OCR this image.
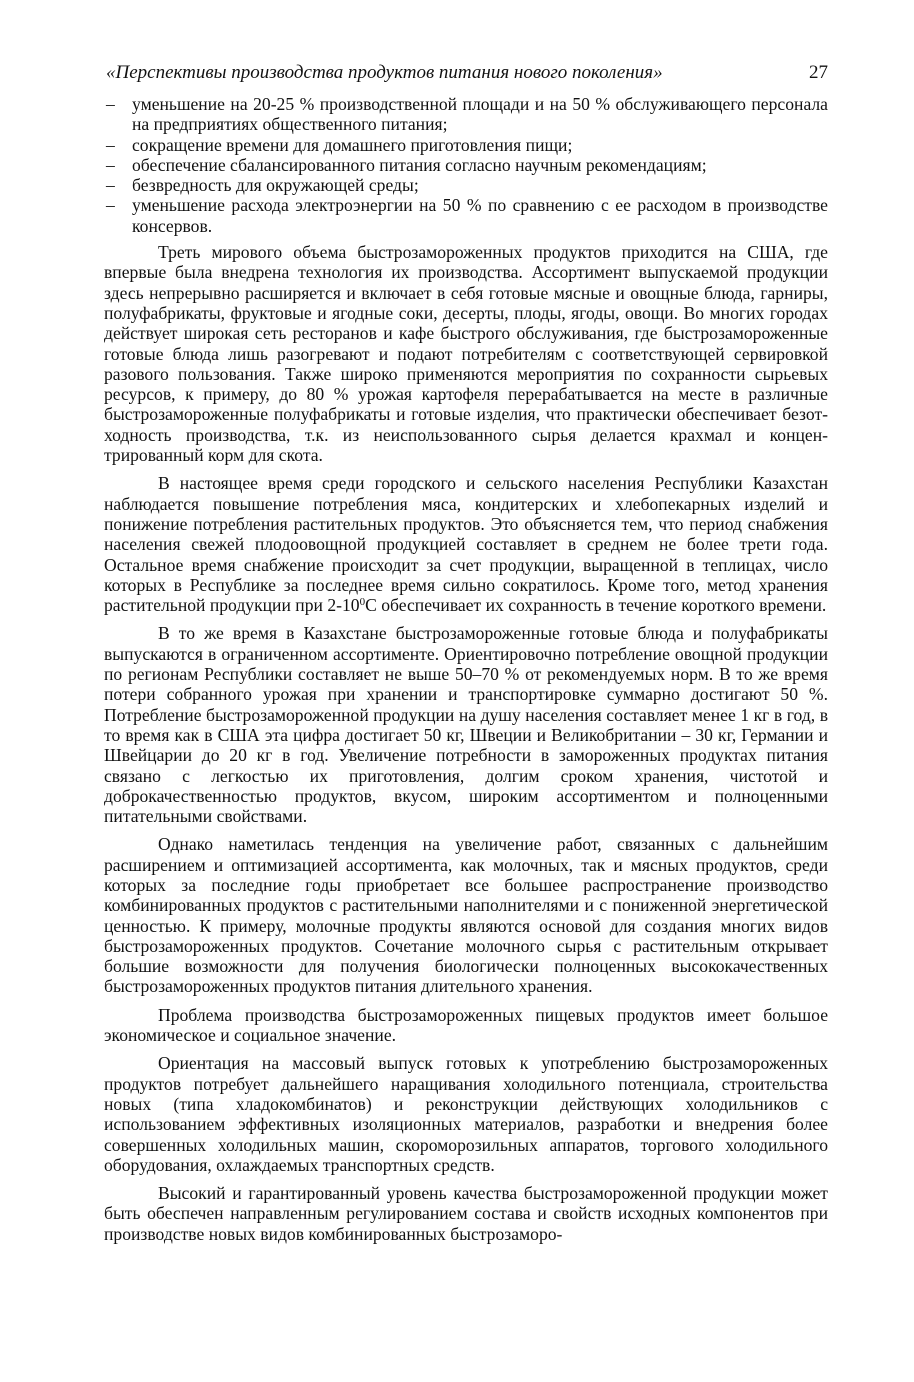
«Перспективы производства продуктов питания нового поколения»	27
– уменьшение на 20-25 % производственной площади и на 50 % обслуживающего персонала на предприятиях общественного питания;
– сокращение времени для домашнего приготовления пищи;
– обеспечение сбалансированного питания согласно научным рекомендациям;
– безвредность для окружающей среды;
– уменьшение расхода электроэнергии на 50 % по сравнению с ее расходом в производстве консервов.

Треть мирового объема быстрозамороженных продуктов приходится на США, где впервые была внедрена технология их производства. Ассортимент выпускаемой продукции здесь непрерывно расширяется и включает в себя готовые мясные и овощные блюда, гарниры, полуфабрикаты, фруктовые и ягодные соки, десерты, плоды, ягоды, овощи. Во многих городах действует широкая сеть ресторанов и кафе быстрого обслуживания, где быстрозамороженные готовые блюда лишь разогревают и подают потребителям с соответствующей сервировкой разового пользования. Также широко применяются мероприятия по сохранности сырьевых ресурсов, к примеру, до 80 % урожая картофеля перерабатывается на месте в различные быстрозамороженные полуфабрикаты и готовые изделия, что практически обеспечивает безотходность производства, т.к. из неиспользованного сырья делается крахмал и концентрированный корм для скота.

В настоящее время среди городского и сельского населения Республики Казахстан наблюдается повышение потребления мяса, кондитерских и хлебопекарных изделий и понижение потребления растительных продуктов. Это объясняется тем, что период снабжения населения свежей плодоовощной продукцией составляет в среднем не более трети года. Остальное время снабжение происходит за счет продукции, выращенной в теплицах, число которых в Республике за последнее время сильно сократилось. Кроме того, метод хранения растительной продукции при $2-10^0С$ обеспечивает их сохранность в течение короткого времени.

В то же время в Казахстане быстрозамороженные готовые блюда и полуфабрикаты выпускаются в ограниченном ассортименте. Ориентировочно потребление овощной продукции по регионам Республики составляет не выше 50–70 % от рекомендуемых норм. В то же время потери собранного урожая при хранении и транспортировке суммарно достигают 50 %. Потребление быстрозамороженной продукции на душу населения составляет менее 1 кг в год, в то время как в США эта цифра достигает 50 кг, Швеции и Великобритании – 30 кг, Германии и Швейцарии до 20 кг в год. Увеличение потребности в замороженных продуктах питания связано с легкостью их приготовления, долгим сроком хранения, чистотой и доброкачественностью продуктов, вкусом, широким ассортиментом и полноценными питательными свойствами.

Однако наметилась тенденция на увеличение работ, связанных с дальнейшим расширением и оптимизацией ассортимента, как молочных, так и мясных продуктов, среди которых за последние годы приобретает все большее распространение производство комбинированных продуктов с растительными наполнителями и с пониженной энергетической ценностью. К примеру, молочные продукты являются основой для создания многих видов быстрозамороженных продуктов. Сочетание молочного сырья с растительным открывает большие возможности для получения биологически полноценных высококачественных быстрозамороженных продуктов питания длительного хранения.

Проблема производства быстрозамороженных пищевых продуктов имеет большое экономическое и социальное значение.

Ориентация на массовый выпуск готовых к употреблению быстрозамороженных продуктов потребует дальнейшего наращивания холодильного потенциала, строительства новых (типа хладокомбинатов) и реконструкции действующих холодильников с использованием эффективных изоляционных материалов, разработки и внедрения более совершенных холодильных машин, скороморозильных аппаратов, торгового холодильного оборудования, охлаждаемых транспортных средств.

Высокий и гарантированный уровень качества быстрозамороженной продукции может быть обеспечен направленным регулированием состава и свойств исходных компонентов при производстве новых видов комбинированных быстрозаморо-
